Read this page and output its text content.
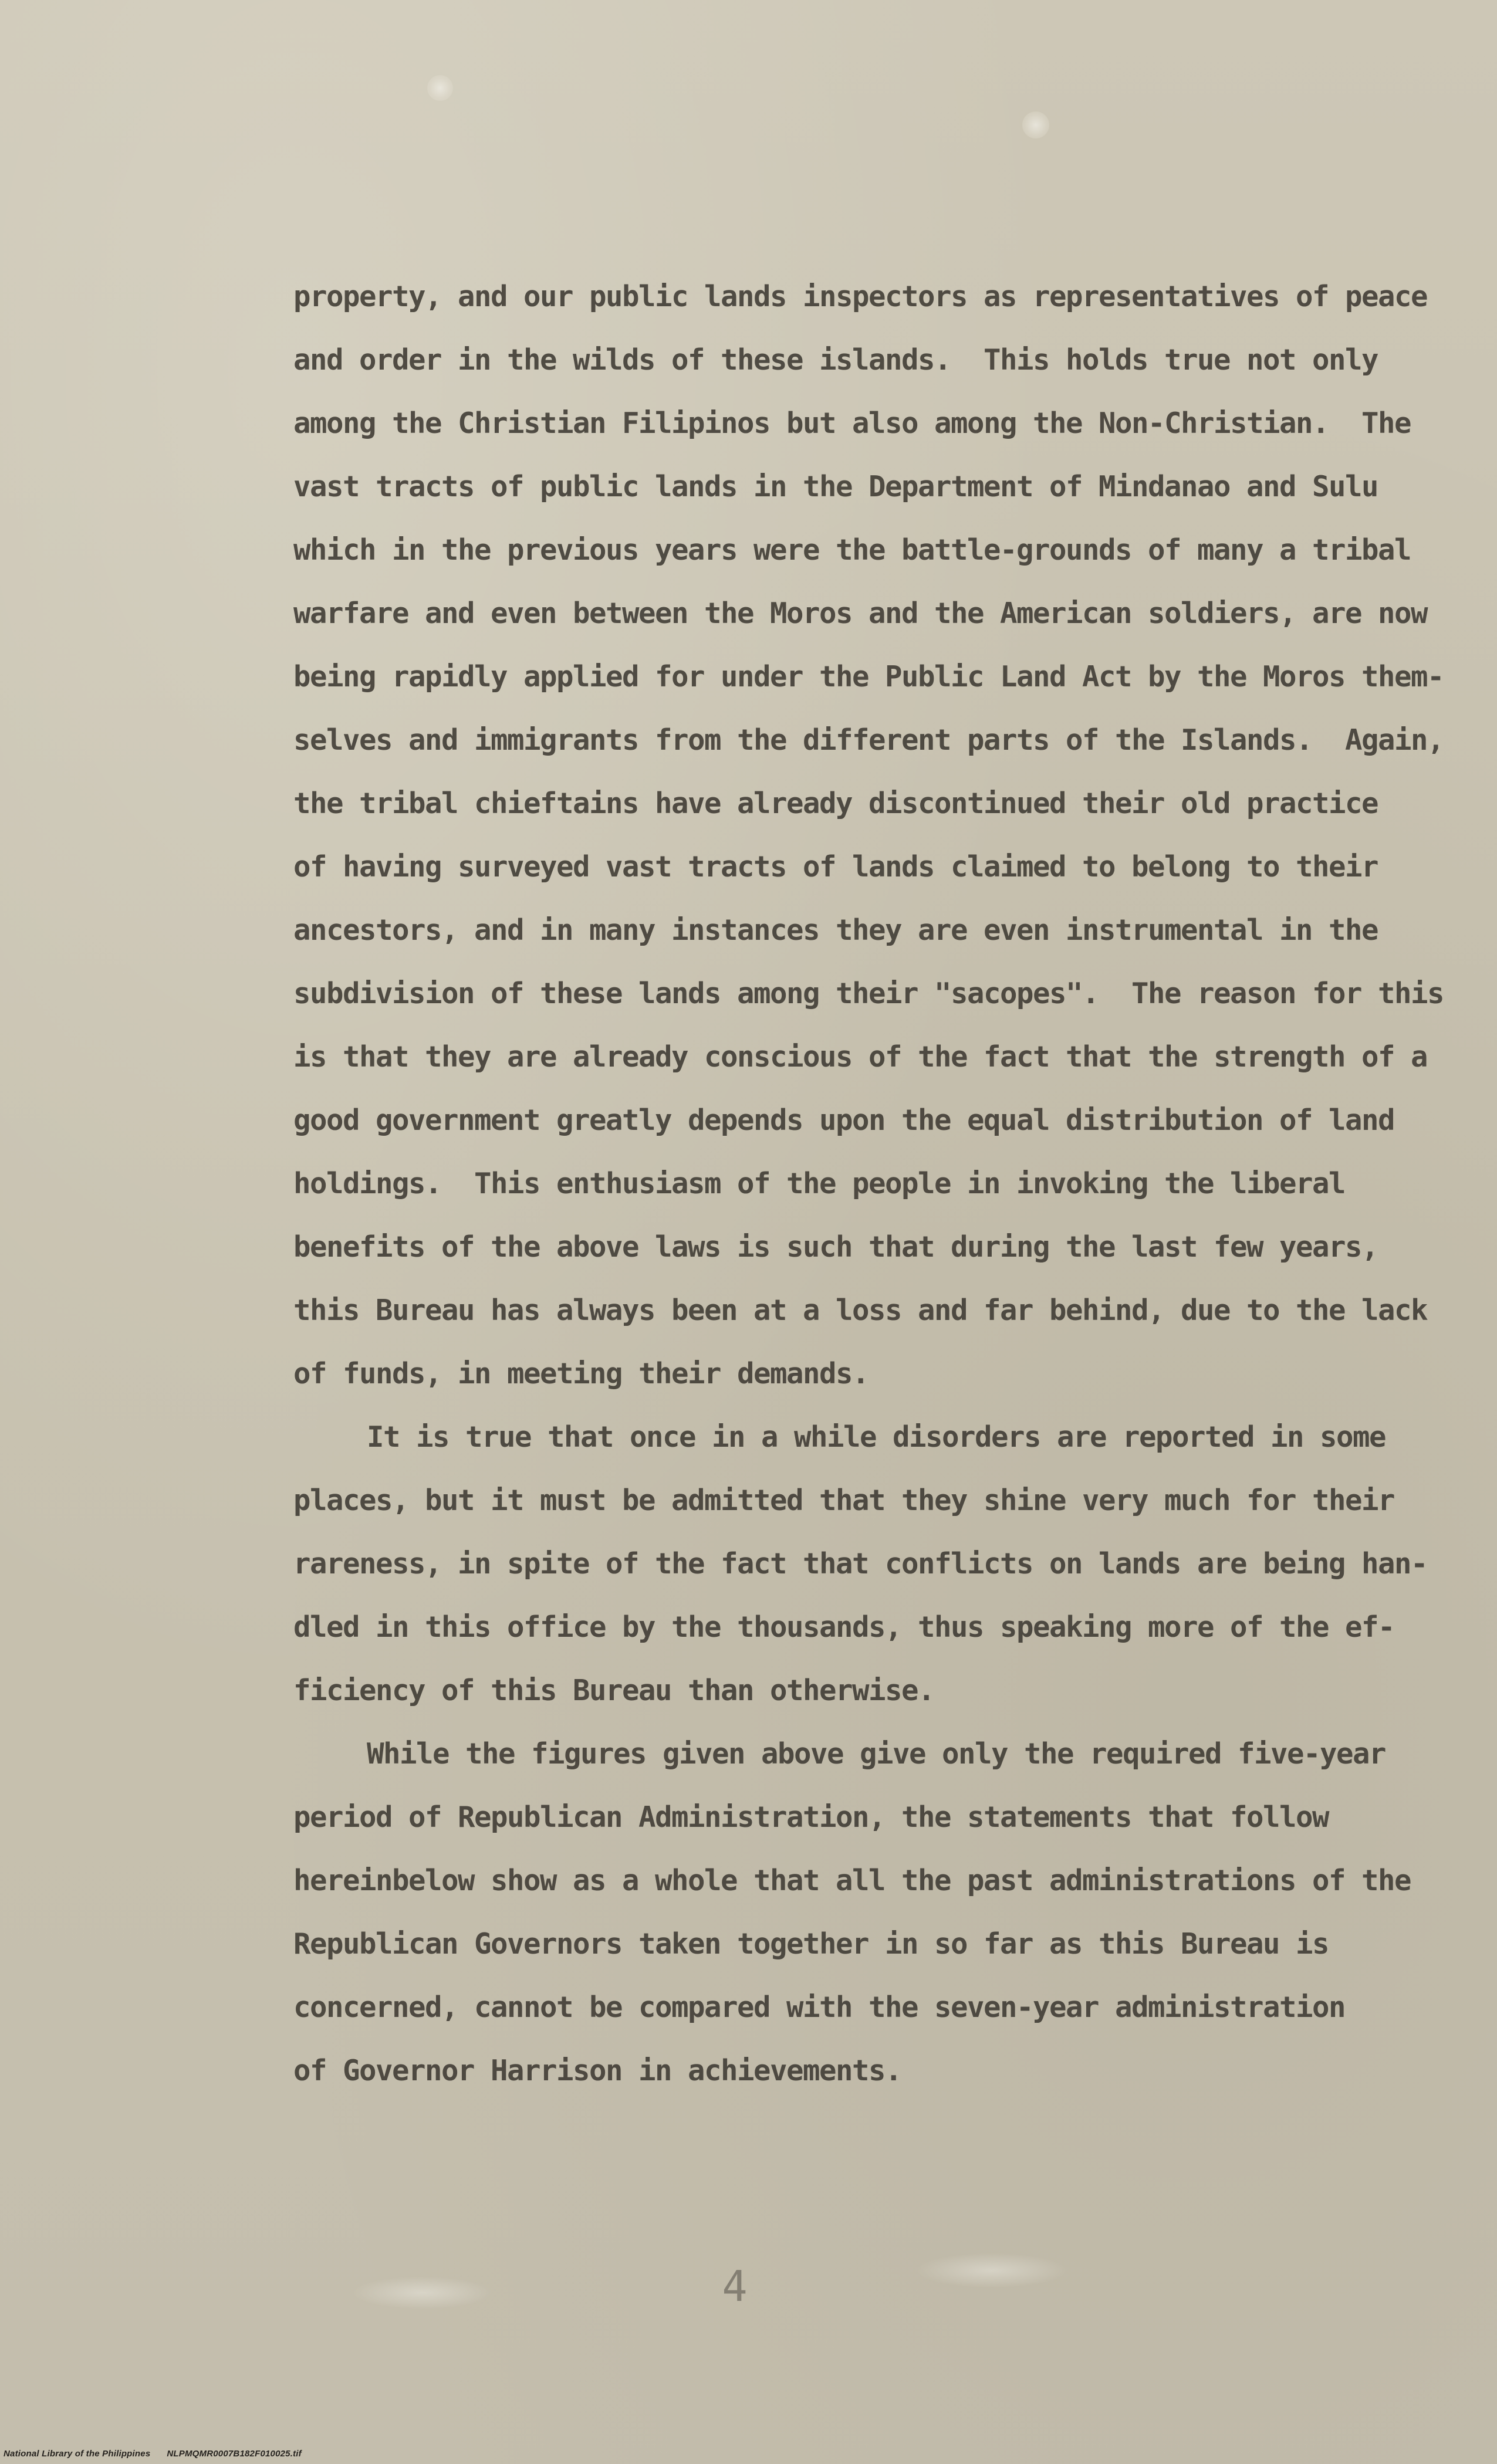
property, and our public lands inspectors as representatives of peace
and order in the wilds of these islands.  This holds true not only
among the Christian Filipinos but also among the Non-Christian.  The
vast tracts of public lands in the Department of Mindanao and Sulu
which in the previous years were the battle-grounds of many a tribal
warfare and even between the Moros and the American soldiers, are now
being rapidly applied for under the Public Land Act by the Moros them-
selves and immigrants from the different parts of the Islands.  Again,
the tribal chieftains have already discontinued their old practice
of having surveyed vast tracts of lands claimed to belong to their
ancestors, and in many instances they are even instrumental in the
subdivision of these lands among their "sacopes".  The reason for this
is that they are already conscious of the fact that the strength of a
good government greatly depends upon the equal distribution of land
holdings.  This enthusiasm of the people in invoking the liberal
benefits of the above laws is such that during the last few years,
this Bureau has always been at a loss and far behind, due to the lack
of funds, in meeting their demands.
It is true that once in a while disorders are reported in some
places, but it must be admitted that they shine very much for their
rareness, in spite of the fact that conflicts on lands are being han-
dled in this office by the thousands, thus speaking more of the ef-
ficiency of this Bureau than otherwise.
While the figures given above give only the required five-year
period of Republican Administration, the statements that follow
hereinbelow show as a whole that all the past administrations of the
Republican Governors taken together in so far as this Bureau is
concerned, cannot be compared with the seven-year administration
of Governor Harrison in achievements.
4
National Library of the Philippines NLPMQMR0007B182F010025.tif
